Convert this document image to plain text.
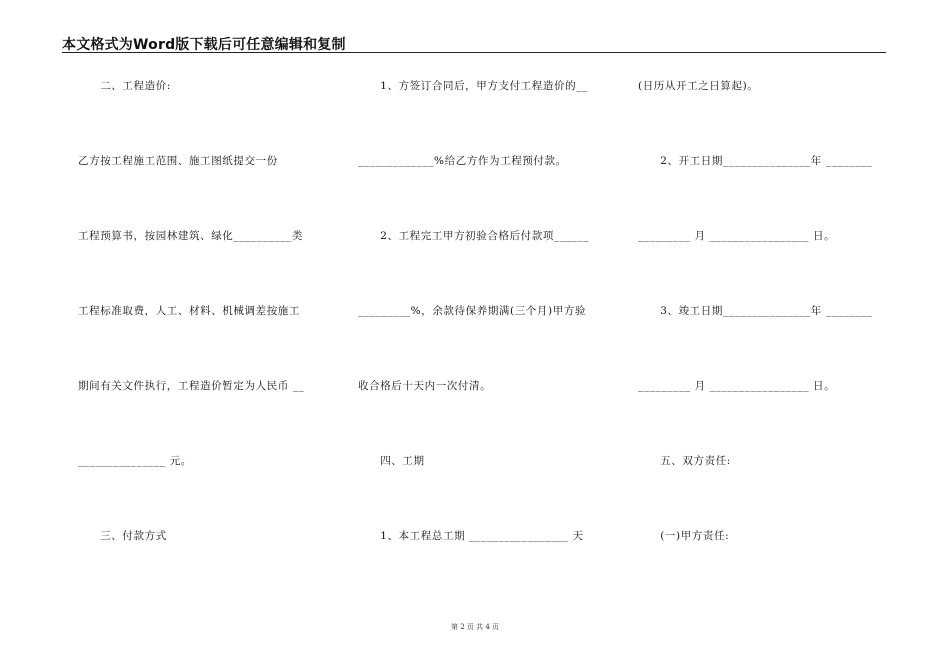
本文格式为Word版下载后可任意编辑和复制
　　二、工程造价:
乙方按工程施工范围、施工图纸提交一份
工程预算书，按园林建筑、绿化__________类
工程标准取费，人工、材料、机械调差按施工
期间有关文件执行，工程造价暂定为人民币 __
_______________ 元。
　　三、付款方式
　　1、方签订合同后，甲方支付工程造价的__
_____________%给乙方作为工程预付款。
　　2、工程完工甲方初验合格后付款项______
_________%，余款待保养期满(三个月)甲方验
收合格后十天内一次付清。
　　四、工期
　　1、本工程总工期 _________________ 天
(日历从开工之日算起)。
　　2、开工日期_______________年 ________
_________ 月 _________________ 日。
　　3、竣工日期_______________年 ________
_________ 月 _________________ 日。
　　五、双方责任:
　　(一)甲方责任:
第 2 页 共 4 页
